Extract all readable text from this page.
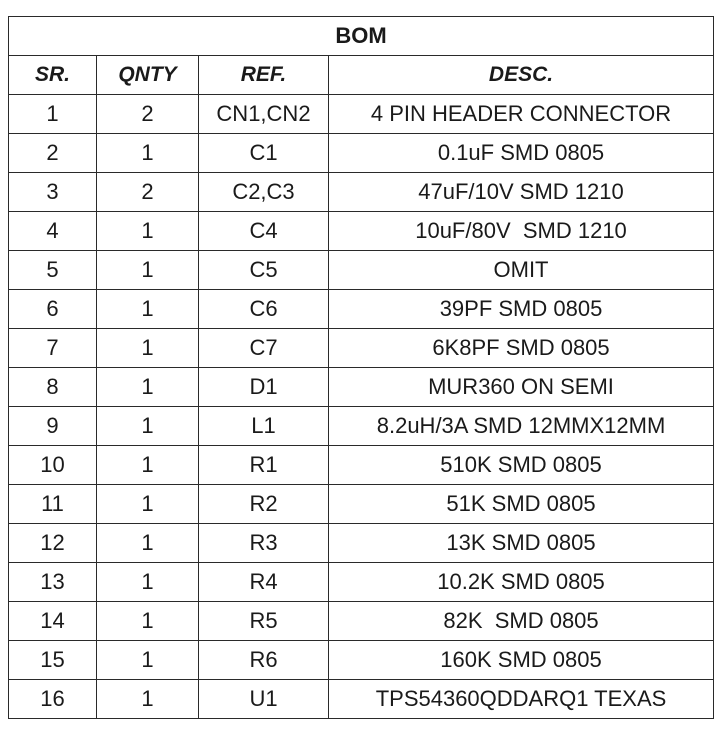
BOM			
SR.	QNTY	REF.	DESC.
1	2	CN1,CN2	4 PIN HEADER CONNECTOR
2	1	C1	0.1uF SMD 0805
3	2	C2,C3	47uF/10V SMD 1210
4	1	C4	10uF/80V  SMD 1210
5	1	C5	OMIT
6	1	C6	39PF SMD 0805
7	1	C7	6K8PF SMD 0805
8	1	D1	MUR360 ON SEMI
9	1	L1	8.2uH/3A SMD 12MMX12MM
10	1	R1	510K SMD 0805
11	1	R2	51K SMD 0805
12	1	R3	13K SMD 0805
13	1	R4	10.2K SMD 0805
14	1	R5	82K  SMD 0805
15	1	R6	160K SMD 0805
16	1	U1	TPS54360QDDARQ1 TEXAS
